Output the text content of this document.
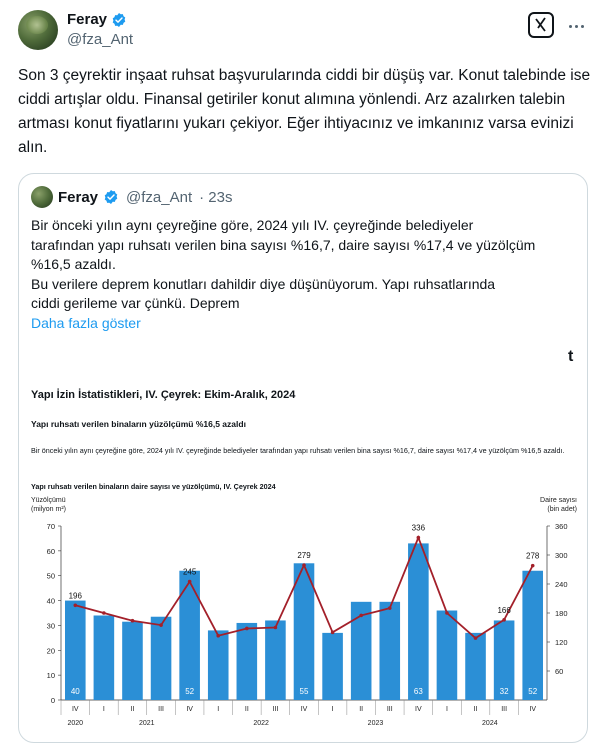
Feray
@fza_Ant
Son 3 çeyrektir inşaat ruhsat başvurularında ciddi bir düşüş var. Konut talebinde ise ciddi artışlar oldu. Finansal getiriler konut alımına yönlendi. Arz azalırken talebin artması konut fiyatlarını yukarı çekiyor. Eğer ihtiyacınız ve imkanınız varsa evinizi alın.
Feray @fza_Ant · 23s
Bir önceki yılın aynı çeyreğine göre, 2024 yılı IV. çeyreğinde belediyeler
tarafından yapı ruhsatı verilen bina sayısı %16,7, daire sayısı %17,4 ve yüzölçüm
%16,5 azaldı.
Bu verilere deprem konutları dahildir diye düşünüyorum. Yapı ruhsatlarında
ciddi gerileme var çünkü. Deprem
Daha fazla göster
t
Yapı İzin İstatistikleri, IV. Çeyrek: Ekim-Aralık, 2024
Yapı ruhsatı verilen binaların yüzölçümü %16,5 azaldı
Bir önceki yılın aynı çeyreğine göre, 2024 yılı IV. çeyreğinde belediyeler tarafından yapı ruhsatı verilen bina sayısı %16,7, daire sayısı %17,4 ve yüzölçüm %16,5 azaldı.
Yapı ruhsatı verilen binaların daire sayısı ve yüzölçümü, IV. Çeyrek 2024
Yüzölçümü
(milyon m²)
Daire sayısı
(bin adet)
0
10
20
30
40
50
60
70
60
120
180
240
300
360
40	52	55	63	32 52
196
245
279
336
166
278
IV	I	II	III	IV	I	II	III	IV	I	II	III	IV	I	II	III	IV
2020	2021	2022	2023	2024
